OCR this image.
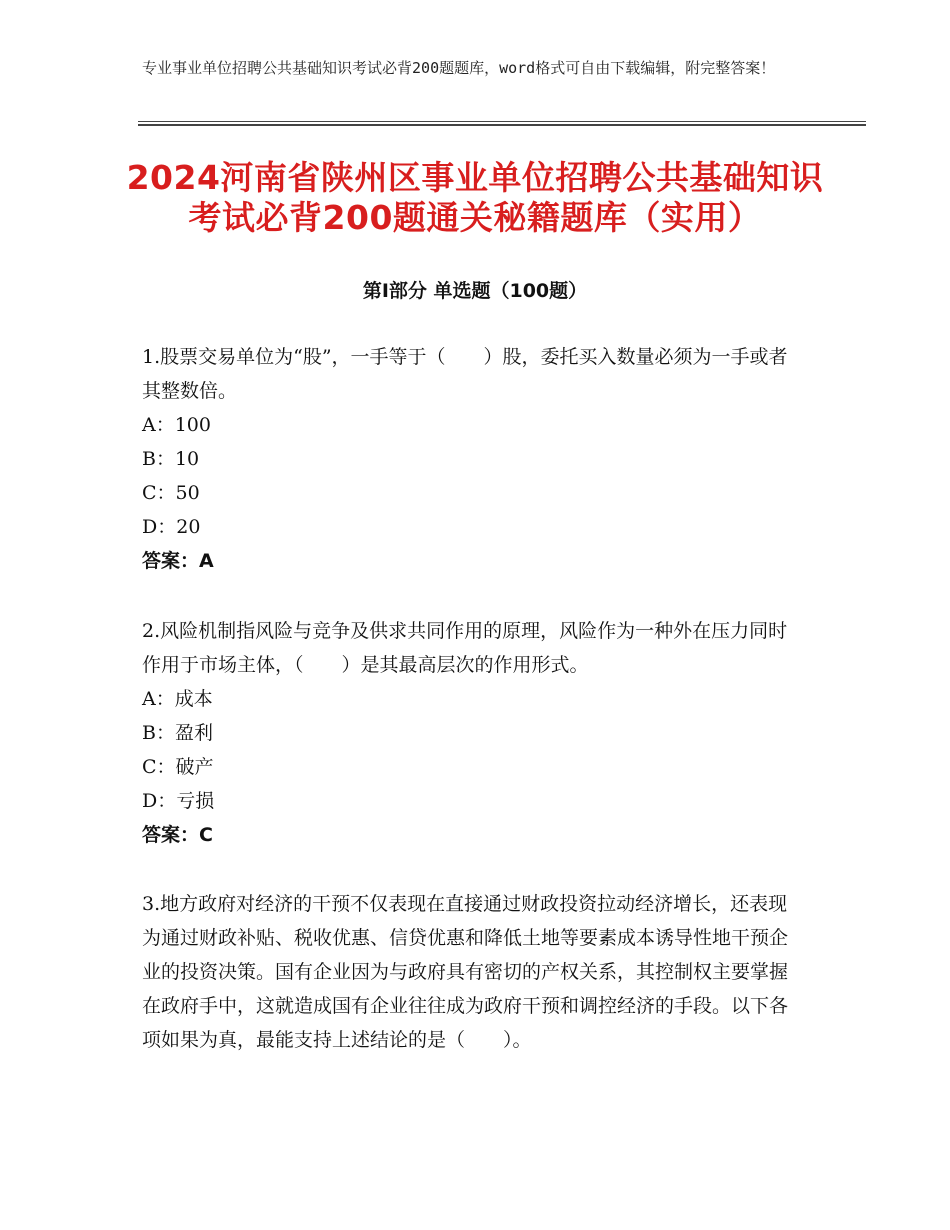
专业事业单位招聘公共基础知识考试必背200题题库，word格式可自由下载编辑，附完整答案！
2024河南省陕州区事业单位招聘公共基础知识考试必背200题通关秘籍题库（实用）
第I部分 单选题（100题）

1.股票交易单位为“股”，一手等于（　　）股，委托买入数量必须为一手或者其整数倍。

A：100

B：10

C：50

D：20

答案：A

2.风险机制指风险与竞争及供求共同作用的原理，风险作为一种外在压力同时作用于市场主体，（　　）是其最高层次的作用形式。

A：成本

B：盈利

C：破产

D：亏损

答案：C

3.地方政府对经济的干预不仅表现在直接通过财政投资拉动经济增长，还表现为通过财政补贴、税收优惠、信贷优惠和降低土地等要素成本诱导性地干预企业的投资决策。国有企业因为与政府具有密切的产权关系，其控制权主要掌握在政府手中，这就造成国有企业往往成为政府干预和调控经济的手段。以下各项如果为真，最能支持上述结论的是（　　）。
